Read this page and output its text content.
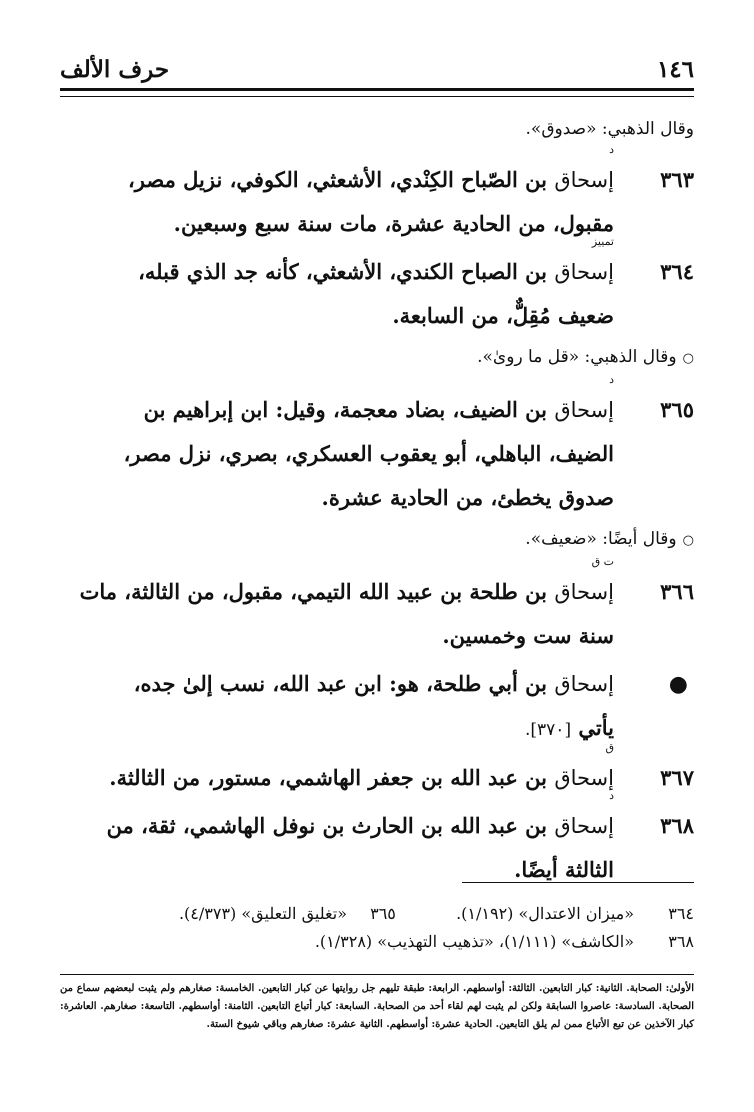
حرف الألف	١٤٦
وقال الذهبي: «صدوق».
٣٦٣
د
إسحاق بن الصّباح الكِنْدي، الأشعثي، الكوفي، نزيل مصر،
مقبول، من الحادية عشرة، مات سنة سبع وسبعين.
٣٦٤
تمييز
إسحاق بن الصباح الكندي، الأشعثي، كأنه جد الذي قبله،
ضعيف مُقِلٌّ، من السابعة.
○وقال الذهبي: «قل ما روىٰ».
٣٦٥
د
إسحاق بن الضيف، بضاد معجمة، وقيل: ابن إبراهيم بن
الضيف، الباهلي، أبو يعقوب العسكري، بصري، نزل مصر،
صدوق يخطئ، من الحادية عشرة.
○وقال أيضًا: «ضعيف».
٣٦٦
ت ق
إسحاق بن طلحة بن عبيد الله التيمي، مقبول، من الثالثة، مات
سنة ست وخمسين.
●
إسحاق بن أبي طلحة، هو: ابن عبد الله، نسب إلىٰ جده،
يأتي [٣٧٠].
٣٦٧
ق
إسحاق بن عبد الله بن جعفر الهاشمي، مستور، من الثالثة.
٣٦٨
د
إسحاق بن عبد الله بن الحارث بن نوفل الهاشمي، ثقة، من
الثالثة أيضًا.
٣٦٤
«ميزان الاعتدال» (١/١٩٢).  ٣٦٥ «تغليق التعليق» (٤/٣٧٣).
٣٦٨
«الكاشف» (١/١١١)، «تذهيب التهذيب» (١/٣٢٨).
الأولىٰ: الصحابة. الثانية: كبار التابعين. الثالثة: أواسطهم. الرابعة: طبقة تليهم جل روايتها عن كبار التابعين. الخامسة: صغارهم ولم يثبت لبعضهم سماع من الصحابة. السادسة: عاصروا السابقة ولكن لم يثبت لهم لقاء أحد من الصحابة. السابعة: كبار أتباع التابعين. الثامنة: أواسطهم. التاسعة: صغارهم. العاشرة: كبار الآخذين عن تبع الأتباع ممن لم يلق التابعين. الحادية عشرة: أواسطهم. الثانية عشرة: صغارهم وباقي شيوخ الستة.
